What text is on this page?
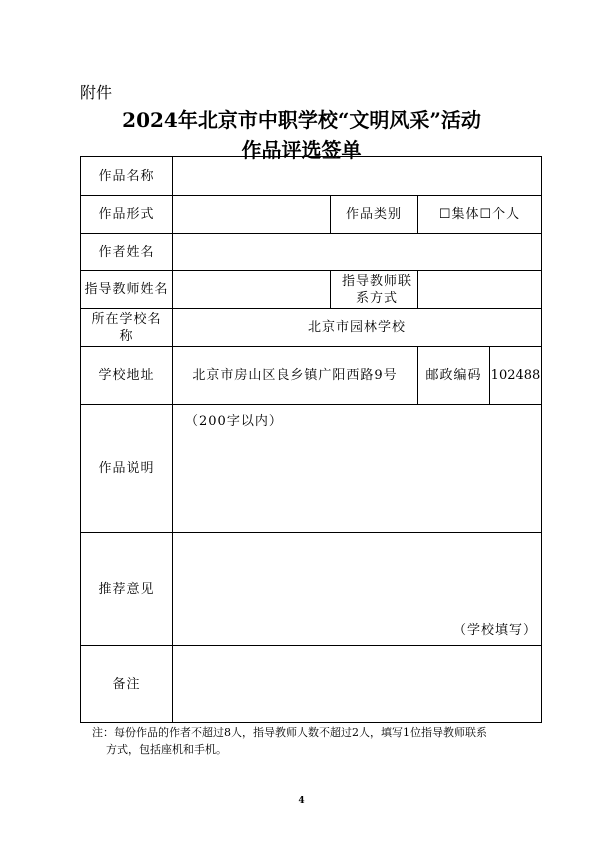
附件
2024年北京市中职学校“文明风采”活动
作品评选签单
作品名称				
作品形式		作品类别	☐集体☐个人	
作者姓名				
指导教师姓名		指导教师联系方式		
所在学校名称	北京市园林学校			
学校地址	北京市房山区良乡镇广阳西路9号		邮政编码	102488
作品说明	（200字以内）			

推荐意见	（学校填写）			

备注				
注：每份作品的作者不超过8人，指导教师人数不超过2人，填写1位指导教师联系
方式，包括座机和手机。
4
